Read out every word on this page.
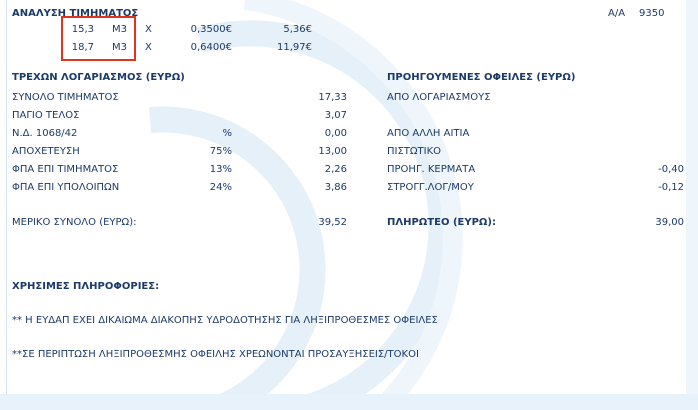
ΑΝΑΛΥΣΗ ΤΙΜΗΜΑΤΟΣ	Α/Α 9350
15,3 Μ3 Χ	0,3500€	5,36€
18,7 Μ3 Χ	0,6400€	11,97€
ΤΡΕΧΩΝ ΛΟΓΑΡΙΑΣΜΟΣ (ΕΥΡΩ)
ΣΥΝΟΛΟ ΤΙΜΗΜΑΤΟΣ	17,33
ΠΑΓΙΟ ΤΕΛΟΣ	3,07
Ν.Δ. 1068/42	%	0,00
ΑΠΟΧΕΤΕΥΣΗ	75%	13,00
ΦΠΑ ΕΠΙ ΤΙΜΗΜΑΤΟΣ	13%	2,26
ΦΠΑ ΕΠΙ ΥΠΟΛΟΙΠΩΝ	24%	3,86
ΜΕΡΙΚΟ ΣΥΝΟΛΟ (ΕΥΡΩ):	39,52
ΠΡΟΗΓΟΥΜΕΝΕΣ ΟΦΕΙΛΕΣ (ΕΥΡΩ)
ΑΠΟ ΛΟΓΑΡΙΑΣΜΟΥΣ
ΑΠΟ ΑΛΛΗ ΑΙΤΙΑ
ΠΙΣΤΩΤΙΚΟ
ΠΡΟΗΓ. ΚΕΡΜΑΤΑ	-0,40
ΣΤΡΟΓΓ.ΛΟΓ/ΜΟΥ	-0,12
ΠΛΗΡΩΤΕΟ (ΕΥΡΩ):	39,00
ΧΡΗΣΙΜΕΣ ΠΛΗΡΟΦΟΡΙΕΣ:
** Η ΕΥΔΑΠ ΕΧΕΙ ΔΙΚΑΙΩΜΑ ΔΙΑΚΟΠΗΣ ΥΔΡΟΔΟΤΗΣΗΣ ΓΙΑ ΛΗΞΙΠΡΟΘΕΣΜΕΣ ΟΦΕΙΛΕΣ
**ΣΕ ΠΕΡΙΠΤΩΣΗ ΛΗΞΙΠΡΟΘΕΣΜΗΣ ΟΦΕΙΛΗΣ ΧΡΕΩΝΟΝΤΑΙ ΠΡΟΣΑΥΞΗΣΕΙΣ/ΤΟΚΟΙ
